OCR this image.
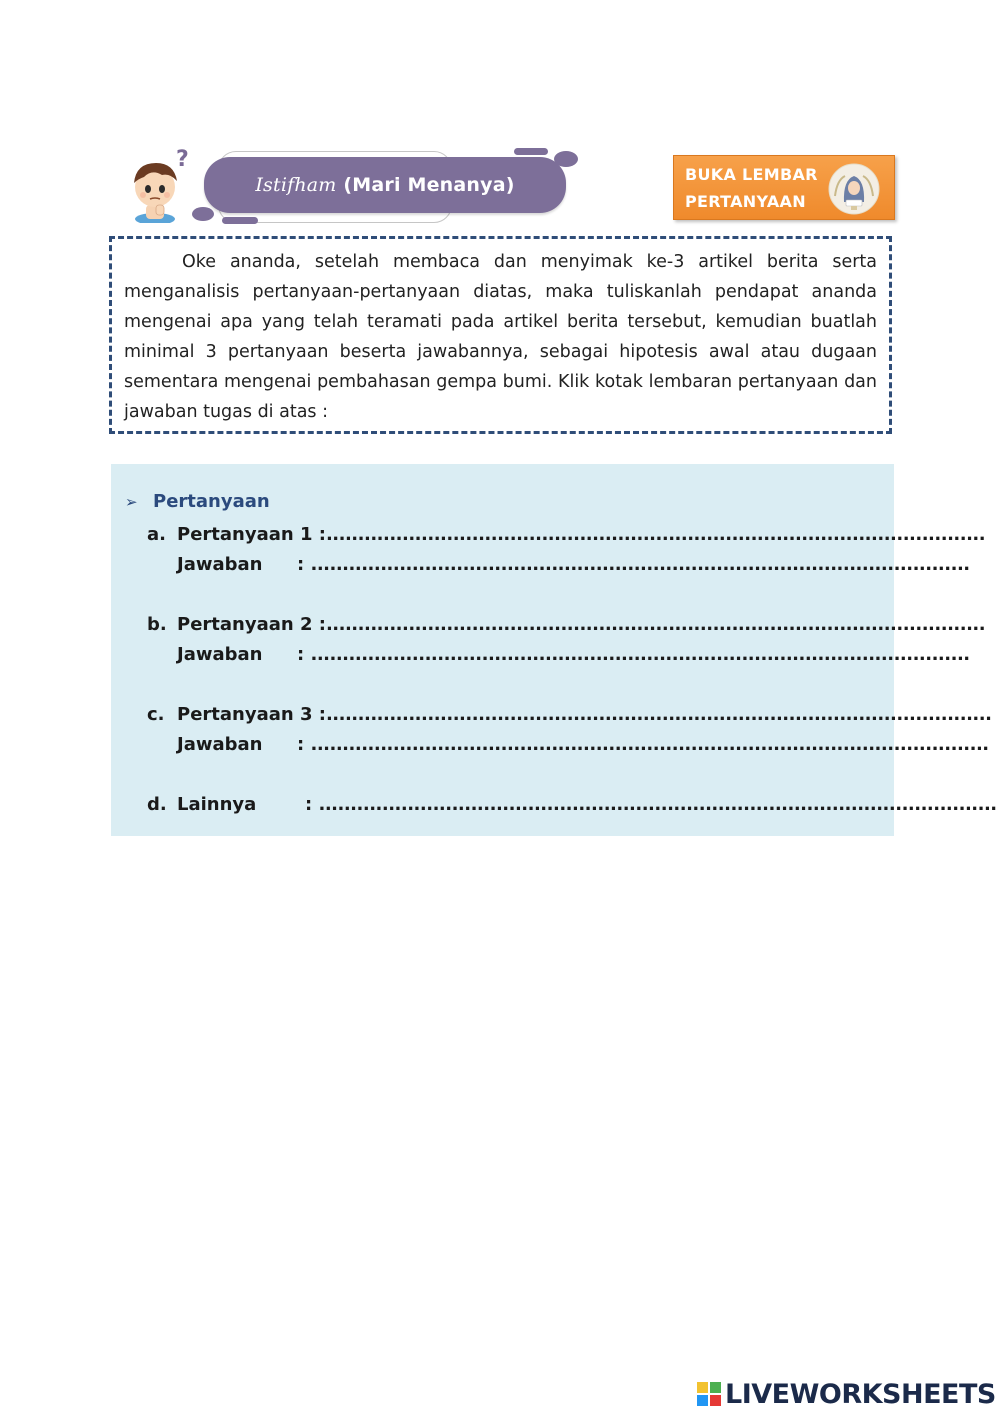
?
Istifham (Mari Menanya)	BUKA LEMBAR
PERTANYAAN

Oke ananda, setelah membaca dan menyimak ke-3 artikel berita serta menganalisis pertanyaan-pertanyaan diatas, maka tuliskanlah pendapat ananda mengenai apa yang telah teramati pada artikel berita tersebut, kemudian buatlah minimal 3 pertanyaan beserta jawabannya, sebagai hipotesis awal atau dugaan sementara mengenai pembahasan gempa bumi. Klik kotak lembaran pertanyaan dan jawaban tugas di atas :

➢ Pertanyaan
a. Pertanyaan 1 :........................................................................................................
Jawaban : ........................................................................................................
b. Pertanyaan 2 :........................................................................................................
Jawaban : ........................................................................................................
c. Pertanyaan 3 :.........................................................................................................
Jawaban : ...........................................................................................................
d. Lainnya	: ...........................................................................................................
LIVEWORKSHEETS
